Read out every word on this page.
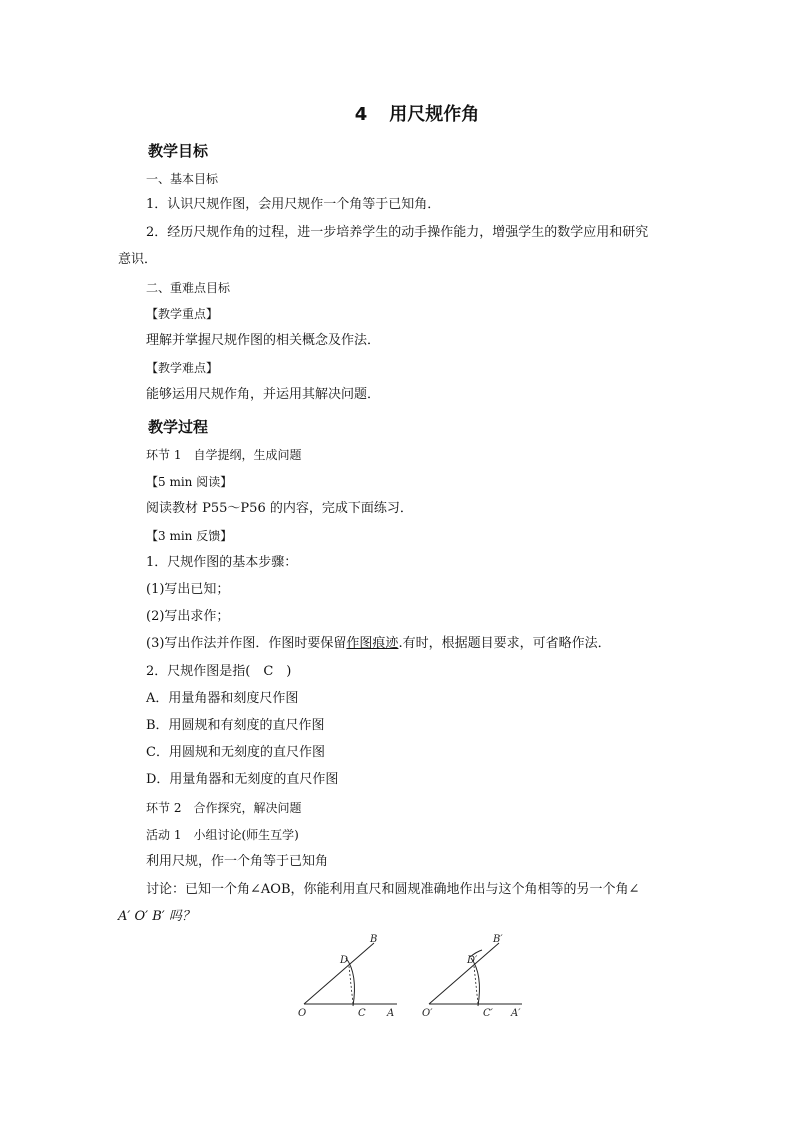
4 用尺规作角
教学目标
一、基本目标
1．认识尺规作图，会用尺规作一个角等于已知角．
2．经历尺规作角的过程，进一步培养学生的动手操作能力，增强学生的数学应用和研究
意识．
二、重难点目标
【教学重点】
理解并掌握尺规作图的相关概念及作法．
【教学难点】
能够运用尺规作角，并运用其解决问题．
教学过程
环节 1　自学提纲，生成问题
【5 min 阅读】
阅读教材 P55～P56 的内容，完成下面练习．
【3 min 反馈】
1．尺规作图的基本步骤：
(1)写出已知；
(2)写出求作；
(3)写出作法并作图．作图时要保留作图痕迹.有时，根据题目要求，可省略作法．
2．尺规作图是指(　C　)
A．用量角器和刻度尺作图
B．用圆规和有刻度的直尺作图
C．用圆规和无刻度的直尺作图
D．用量角器和无刻度的直尺作图
环节 2　合作探究，解决问题
活动 1　小组讨论(师生互学)
利用尺规，作一个角等于已知角
讨论：已知一个角∠AOB，你能利用直尺和圆规准确地作出与这个角相等的另一个角∠
A′ O′ B′ 吗？
O	A
B
C
D
O′	A′
B′
C′
D′
